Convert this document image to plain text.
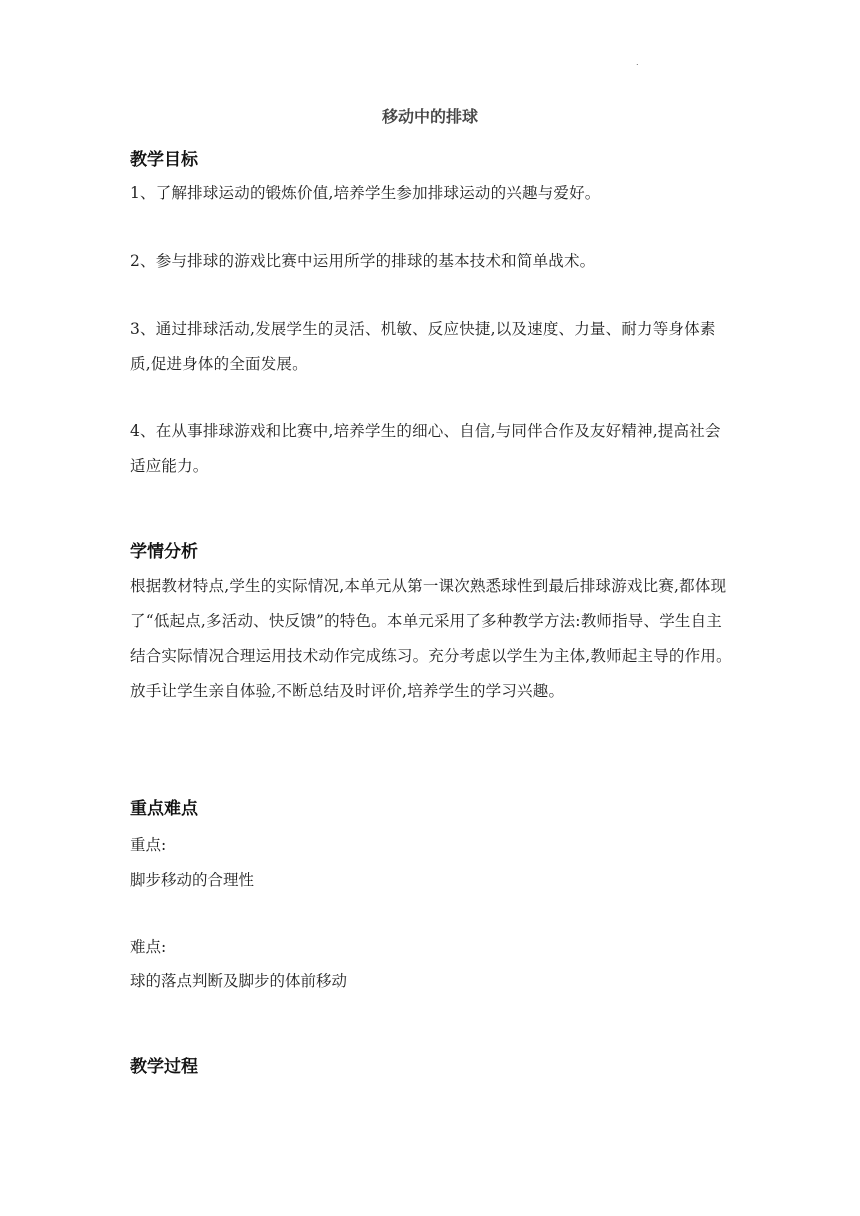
.
移动中的排球
教学目标

1、了解排球运动的锻炼价值,培养学生参加排球运动的兴趣与爱好。

2、参与排球的游戏比赛中运用所学的排球的基本技术和简单战术。

3、通过排球活动,发展学生的灵活、机敏、反应快捷,以及速度、力量、耐力等身体素质,促进身体的全面发展。

4、在从事排球游戏和比赛中,培养学生的细心、自信,与同伴合作及友好精神,提高社会适应能力。

学情分析

根据教材特点,学生的实际情况,本单元从第一课次熟悉球性到最后排球游戏比赛,都体现了“低起点,多活动、快反馈”的特色。本单元采用了多种教学方法:教师指导、学生自主结合实际情况合理运用技术动作完成练习。充分考虑以学生为主体,教师起主导的作用。放手让学生亲自体验,不断总结及时评价,培养学生的学习兴趣。

重点难点
重点:
脚步移动的合理性
难点:
球的落点判断及脚步的体前移动
教学过程
